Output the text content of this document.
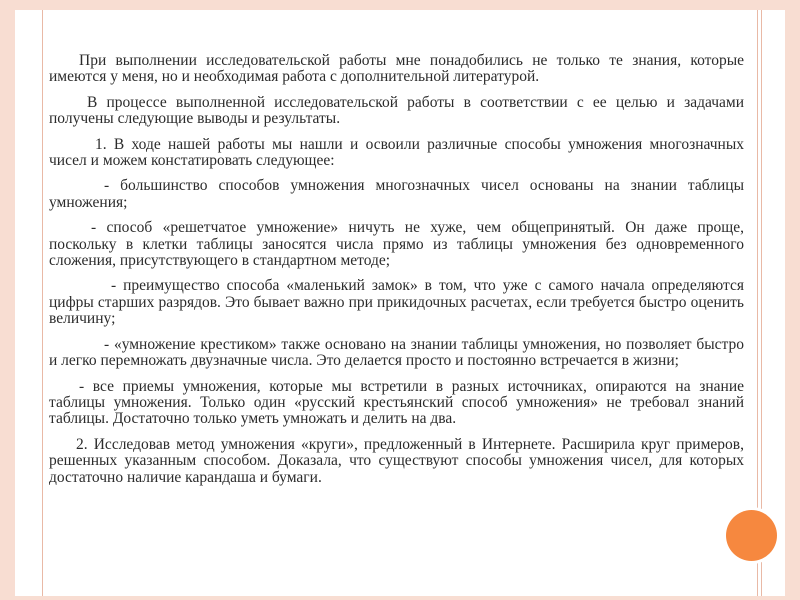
При выполнении исследовательской работы мне понадобились не только те знания, которые имеются у меня, но и необходимая работа с дополнительной литературой.

В процессе выполненной исследовательской работы в соответствии с ее целью и задачами получены следующие выводы и результаты.

1. В ходе нашей работы мы нашли и освоили различные способы умножения многозначных чисел и можем констатировать следующее:

- большинство способов умножения многозначных чисел основаны на знании таблицы умножения;

- способ «решетчатое умножение» ничуть не хуже, чем общепринятый. Он даже проще, поскольку в клетки таблицы заносятся числа прямо из таблицы умножения без одновременного сложения, присутствующего в стандартном методе;

- преимущество способа «маленький замок» в том, что уже с самого начала определяются цифры старших разрядов. Это бывает важно при прикидочных расчетах, если требуется быстро оценить величину;

- «умножение крестиком» также основано на знании таблицы умножения, но позволяет быстро и легко перемножать двузначные числа. Это делается просто и постоянно встречается в жизни;

- все приемы умножения, которые мы встретили в разных источниках, опираются на знание таблицы умножения. Только один «русский крестьянский способ умножения» не требовал знаний таблицы. Достаточно только уметь умножать и делить на два.

2. Исследовав метод умножения «круги», предложенный в Интернете. Расширила круг примеров, решенных указанным способом. Доказала, что существуют способы умножения чисел, для которых достаточно наличие карандаша и бумаги.
